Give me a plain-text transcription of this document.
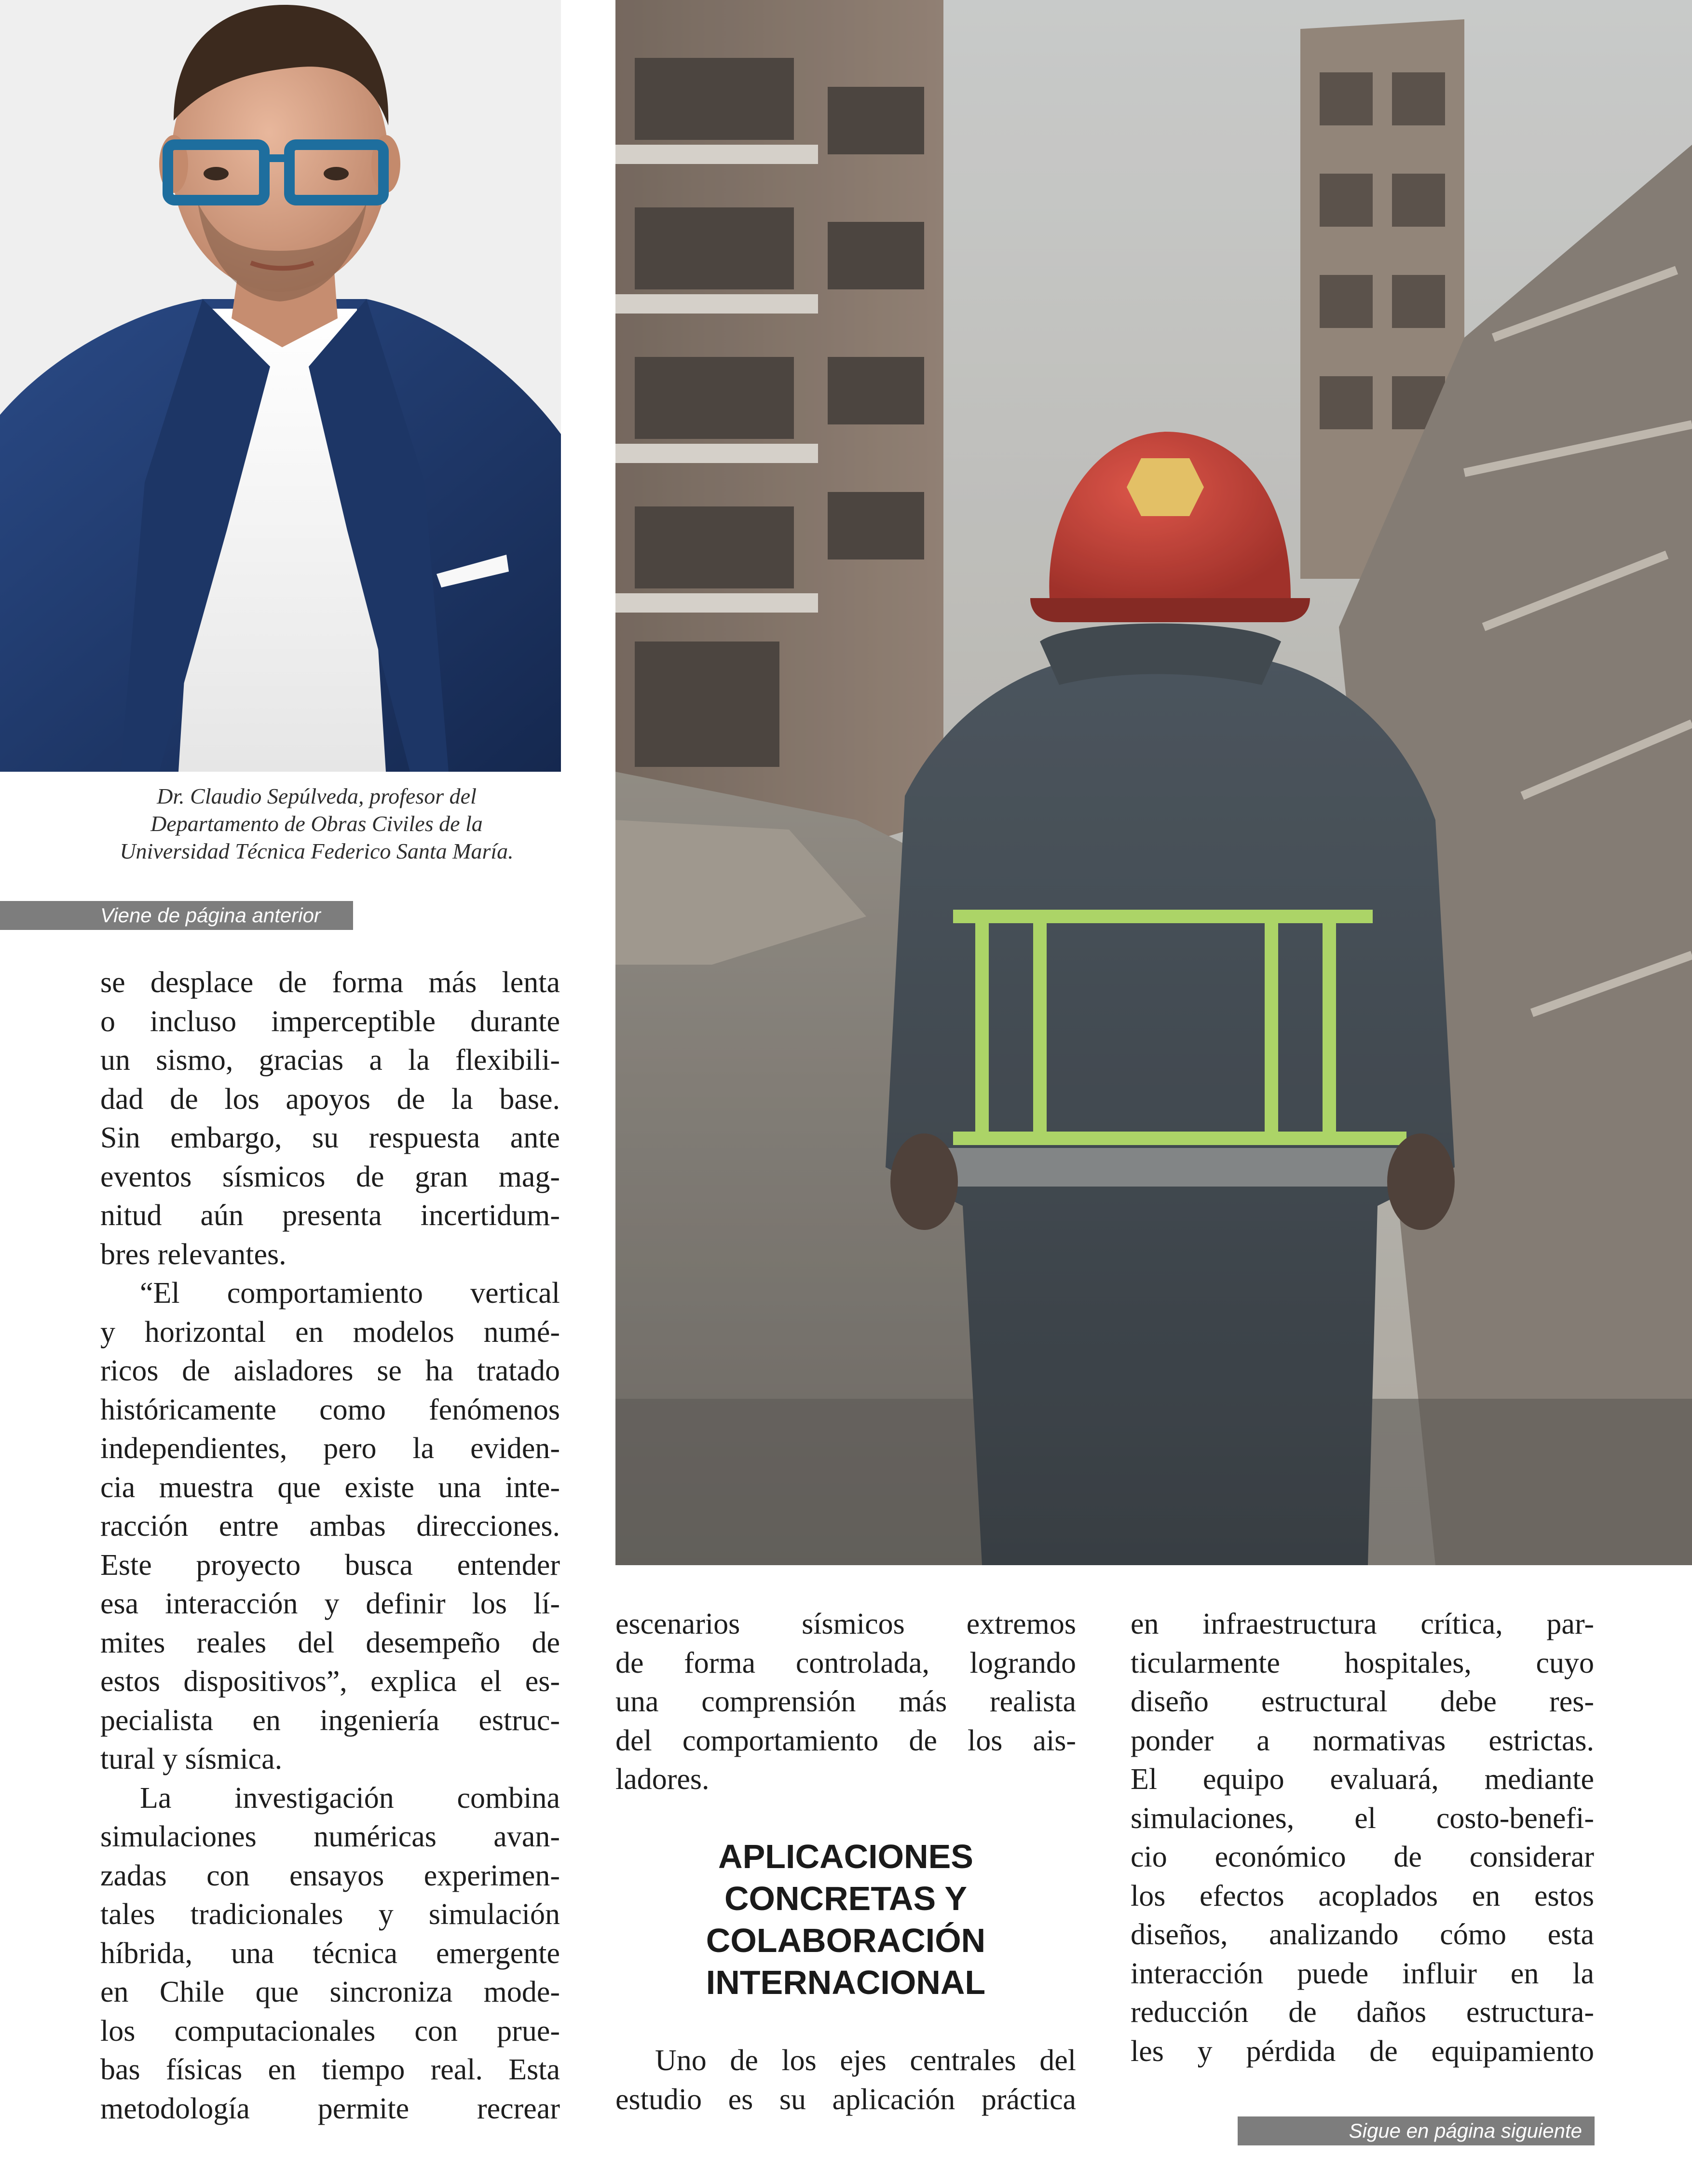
Dr. Claudio Sepúlveda, profesor del
Departamento de Obras Civiles de la
Universidad Técnica Federico Santa María.
Viene de página anterior
Sigue en página siguiente
se desplace de forma más lenta
o incluso imperceptible durante
un sismo, gracias a la flexibili-
dad de los apoyos de la base.
Sin embargo, su respuesta ante
eventos sísmicos de gran mag-
nitud aún presenta incertidum-
bres relevantes.
“El comportamiento vertical
y horizontal en modelos numé-
ricos de aisladores se ha tratado
históricamente como fenómenos
independientes, pero la eviden-
cia muestra que existe una inte-
racción entre ambas direcciones.
Este proyecto busca entender
esa interacción y definir los lí-
mites reales del desempeño de
estos dispositivos”, explica el es-
pecialista en ingeniería estruc-
tural y sísmica.
La investigación combina
simulaciones numéricas avan-
zadas con ensayos experimen-
tales tradicionales y simulación
híbrida, una técnica emergente
en Chile que sincroniza mode-
los computacionales con prue-
bas físicas en tiempo real. Esta
metodología permite recrear
escenarios sísmicos extremos
de forma controlada, logrando
una comprensión más realista
del comportamiento de los ais-
ladores.
APLICACIONES
CONCRETAS Y
COLABORACIÓN
INTERNACIONAL
Uno de los ejes centrales del
estudio es su aplicación práctica
en infraestructura crítica, par-
ticularmente hospitales, cuyo
diseño estructural debe res-
ponder a normativas estrictas.
El equipo evaluará, mediante
simulaciones, el costo-benefi-
cio económico de considerar
los efectos acoplados en estos
diseños, analizando cómo esta
interacción puede influir en la
reducción de daños estructura-
les y pérdida de equipamiento
